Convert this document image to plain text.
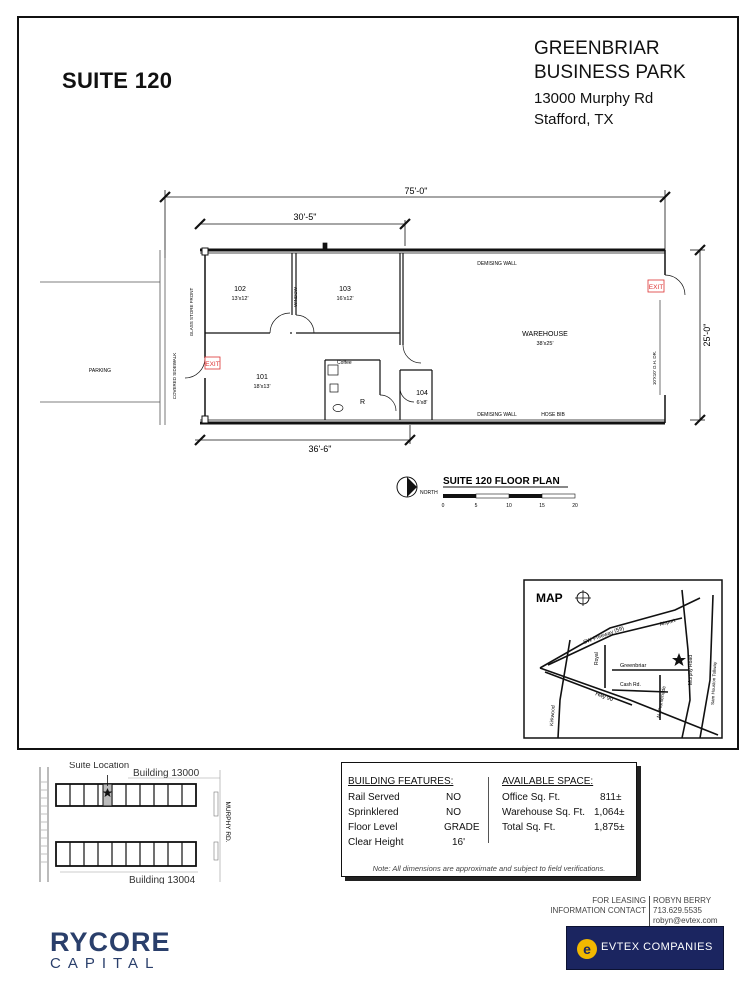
SUITE 120
GREENBRIAR
BUSINESS PARK
13000 Murphy Rd
Stafford, TX
75'-0"
30'-5"
36'-6"
25'-0"
PARKING	COVERED SIDEWALK
GLASS STORE FRONT
Coffee
R
102
13'x12'
103
16'x12'
101
18'x13'
104
6'x8'
WAREHOUSE
38'x25'
WINDOW
DEMISING WALL
DEMISING WALL	HOSE BIB
10'X10' O.H. DR.
EXIT
EXIT
NORTH
SUITE 120 FLOOR PLAN
0	5	10	15	20
MAP
SW Freeway (59)
Airport
Royal
Greenbriar
Cash Rd.
N. Promenade
Hwy 90
Kirkwood
Murphy Road	Sam Houston Tollway
Suite Location
Building 13000
Building 13004
MURPHY RD.
BUILDING FEATURES:
Rail Served	NO
Sprinklered	NO
Floor Level	GRADE
Clear Height	16'
AVAILABLE SPACE:
Office Sq. Ft.	811±
Warehouse Sq. Ft. 1,064±
Total Sq. Ft.	1,875±
Note: All dimensions are approximate and subject to field verifications.
FOR LEASING
INFORMATION CONTACT
ROBYN BERRY
713.629.5535
robyn@evtex.com
RYCORE
CAPITAL
e EVTEX COMPANIES
